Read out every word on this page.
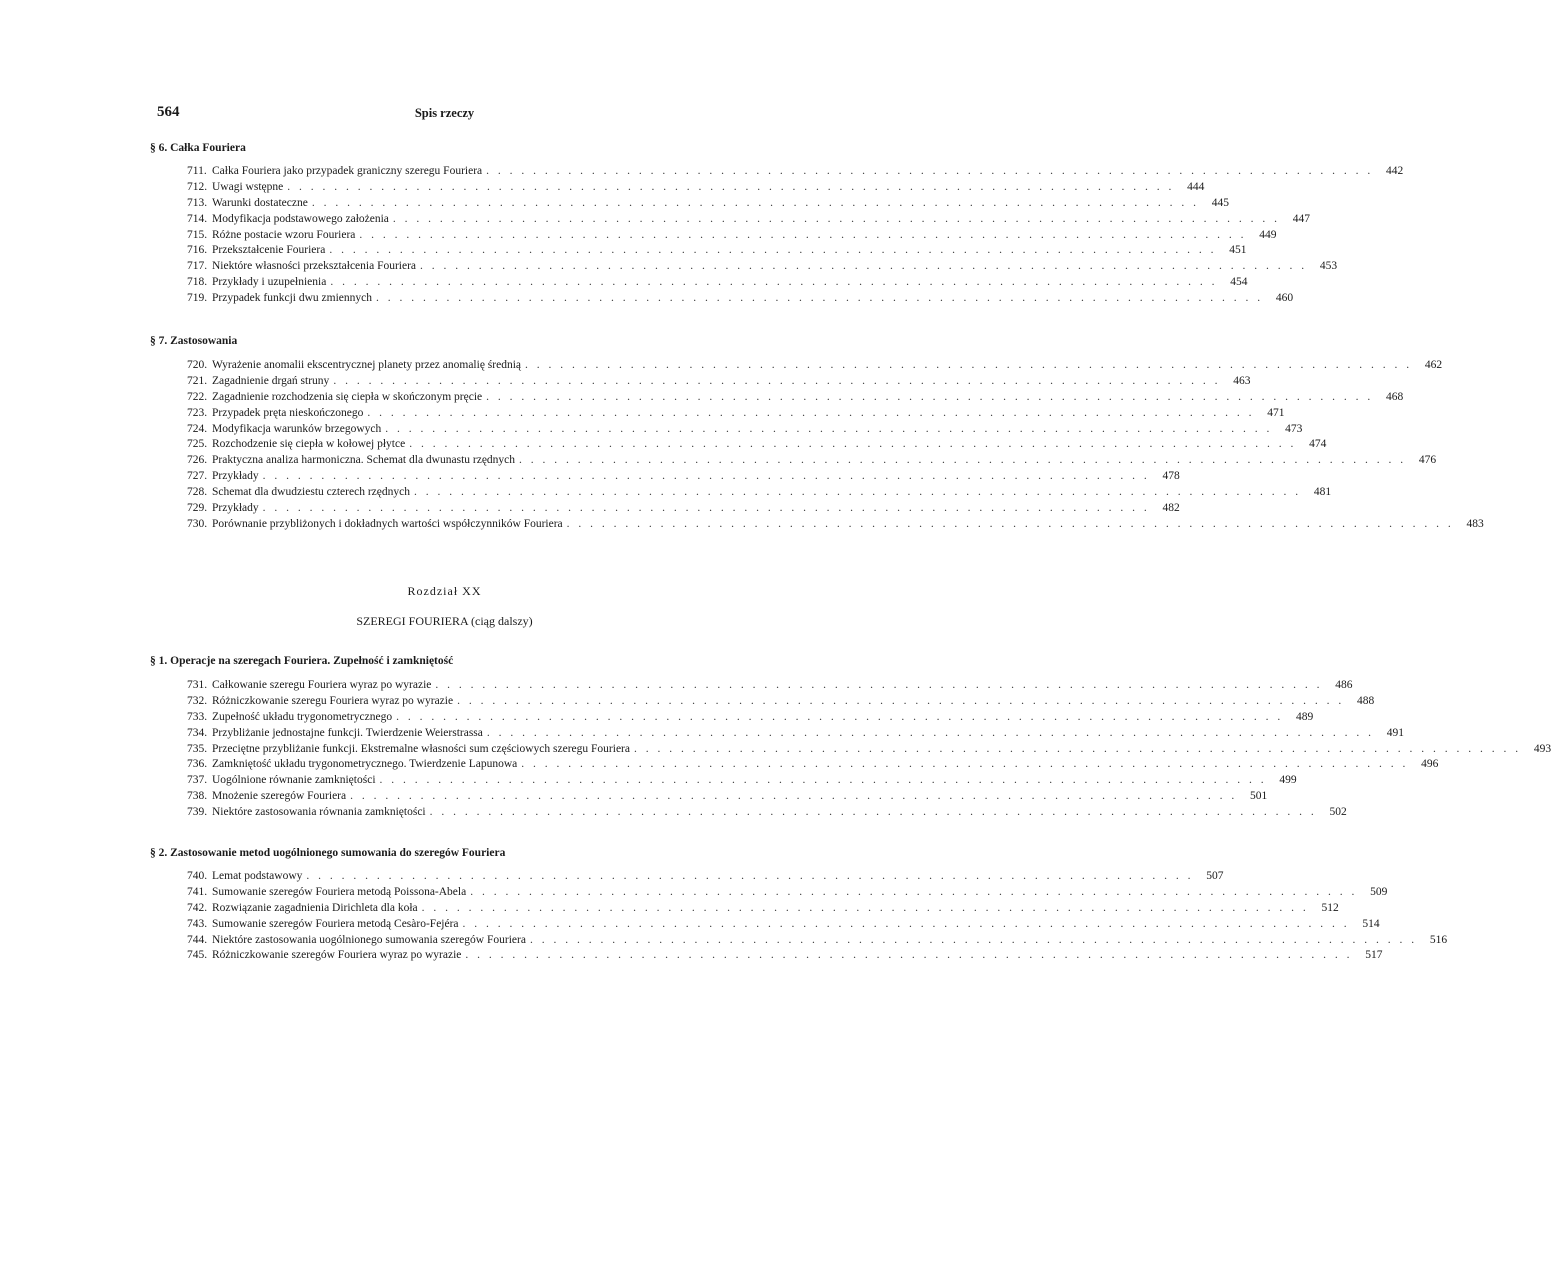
564	Spis rzeczy
§ 6. Całka Fouriera
711. Całka Fouriera jako przypadek graniczny szeregu Fouriera . . .	442
712. Uwagi wstępne . . .	444
713. Warunki dostateczne . . .	445
714. Modyfikacja podstawowego założenia . . .	447
715. Różne postacie wzoru Fouriera . . .	449
716. Przekształcenie Fouriera . . .	451
717. Niektóre własności przekształcenia Fouriera . . .	453
718. Przykłady i uzupełnienia . . .	454
719. Przypadek funkcji dwu zmiennych . . .	460
§ 7. Zastosowania
720. Wyrażenie anomalii ekscentrycznej planety przez anomalię średnią . . .	462
721. Zagadnienie drgań struny . . .	463
722. Zagadnienie rozchodzenia się ciepła w skończonym pręcie . . .	468
723. Przypadek pręta nieskończonego . . .	471
724. Modyfikacja warunków brzegowych . . .	473
725. Rozchodzenie się ciepła w kołowej płytce . . .	474
726. Praktyczna analiza harmoniczna. Schemat dla dwunastu rzędnych . . .	476
727. Przykłady . . .	478
728. Schemat dla dwudziestu czterech rzędnych . . .	481
729. Przykłady . . .	482
730. Porównanie przybliżonych i dokładnych wartości współczynników Fouriera . . .	483
Rozdział XX
SZEREGI FOURIERA (ciąg dalszy)
§ 1. Operacje na szeregach Fouriera. Zupełność i zamkniętość
731. Całkowanie szeregu Fouriera wyraz po wyrazie . . .	486
732. Różniczkowanie szeregu Fouriera wyraz po wyrazie . . .	488
733. Zupełność układu trygonometrycznego . . .	489
734. Przybliżanie jednostajne funkcji. Twierdzenie Weierstrassa . . .	491
735. Przeciętne przybliżanie funkcji. Ekstremalne własności sum częściowych szeregu Fouriera . . .	493
736. Zamkniętość układu trygonometrycznego. Twierdzenie Lapunowa . . .	496
737. Uogólnione równanie zamkniętości . . .	499
738. Mnożenie szeregów Fouriera . . .	501
739. Niektóre zastosowania równania zamkniętości . . .	502
§ 2. Zastosowanie metod uogólnionego sumowania do szeregów Fouriera
740. Lemat podstawowy . . .	507
741. Sumowanie szeregów Fouriera metodą Poissona-Abela . . .	509
742. Rozwiązanie zagadnienia Dirichleta dla koła . . .	512
743. Sumowanie szeregów Fouriera metodą Cesàro-Fejéra . . .	514
744. Niektóre zastosowania uogólnionego sumowania szeregów Fouriera . . .	516
745. Różniczkowanie szeregów Fouriera wyraz po wyrazie . . .	517
